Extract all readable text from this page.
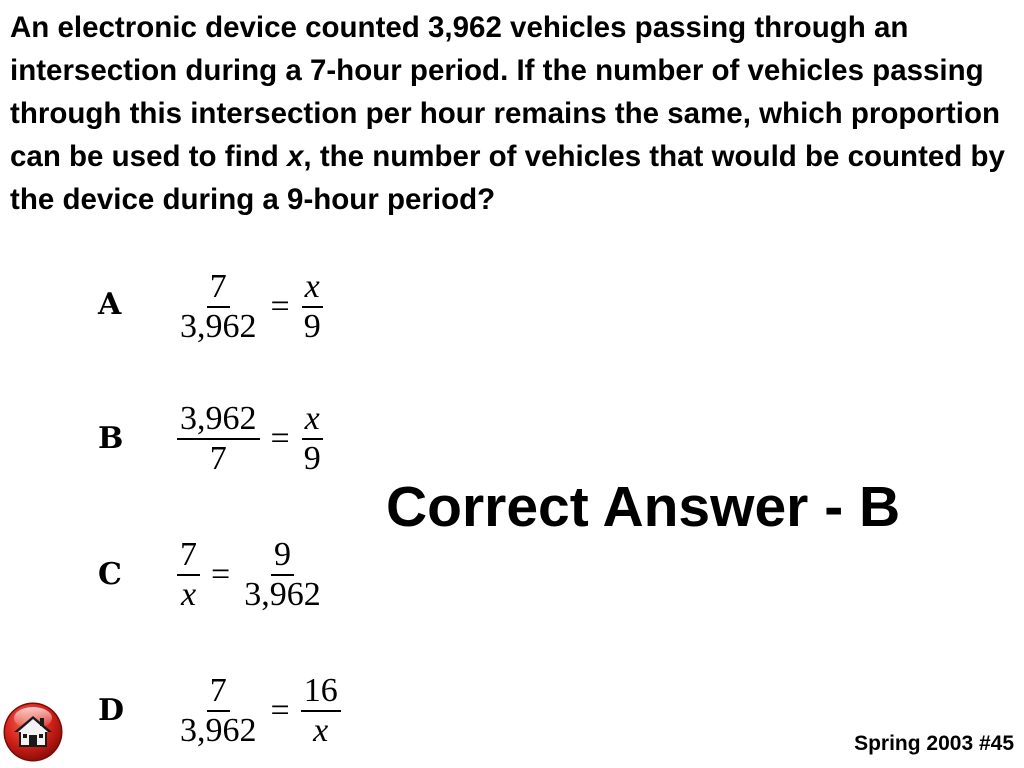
An electronic device counted 3,962 vehicles passing through an intersection during a 7-hour period. If the number of vehicles passing through this intersection per hour remains the same, which proportion can be used to find x, the number of vehicles that would be counted by the device during a 9-hour period?
A $\frac{7}{3,962} = \frac{x}{9}$
B $\frac{3,962}{7} = \frac{x}{9}$
C $\frac{7}{x} = \frac{9}{3,962}$
D $\frac{7}{3,962} = \frac{16}{x}$
Correct Answer - B
Spring 2003 #45
